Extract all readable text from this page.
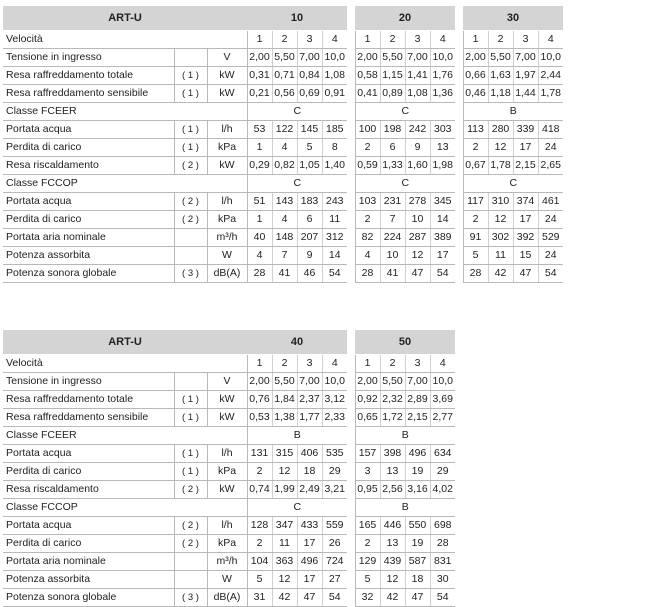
ART-U			10					20					30			
Velocità			1	2	3	4		1	2	3	4		1	2	3	4
Tensione in ingresso		V	2,00	5,50	7,00	10,0		2,00	5,50	7,00	10,0		2,00	5,50	7,00	10,0
Resa raffreddamento totale	( 1 )	kW	0,31	0,71	0,84	1,08		0,58	1,15	1,41	1,76		0,66	1,63	1,97	2,44
Resa raffreddamento sensibile	( 1 )	kW	0,21	0,56	0,69	0,91		0,41	0,89	1,08	1,36		0,46	1,18	1,44	1,78
Classe FCEER			C					C					B			
Portata acqua	( 1 )	l/h	53	122	145	185		100	198	242	303		113	280	339	418
Perdita di carico	( 1 )	kPa	1	4	5	8		2	6	9	13		2	12	17	24
Resa riscaldamento	( 2 )	kW	0,29	0,82	1,05	1,40		0,59	1,33	1,60	1,98		0,67	1,78	2,15	2,65
Classe FCCOP			C					C					C			
Portata acqua	( 2 )	l/h	51	143	183	243		103	231	278	345		117	310	374	461
Perdita di carico	( 2 )	kPa	1	4	6	11		2	7	10	14		2	12	17	24
Portata aria nominale		m³/h	40	148	207	312		82	224	287	389		91	302	392	529
Potenza assorbita		W	4	7	9	14		4	10	12	17		5	11	15	24
Potenza sonora globale	( 3 )	dB(A)	28	41	46	54		28	41	47	54		28	42	47	54
ART-U			40					50			
Velocità			1	2	3	4		1	2	3	4
Tensione in ingresso		V	2,00	5,50	7,00	10,0		2,00	5,50	7,00	10,0
Resa raffreddamento totale	( 1 )	kW	0,76	1,84	2,37	3,12		0,92	2,32	2,89	3,69
Resa raffreddamento sensibile	( 1 )	kW	0,53	1,38	1,77	2,33		0,65	1,72	2,15	2,77
Classe FCEER			B					B			
Portata acqua	( 1 )	l/h	131	315	406	535		157	398	496	634
Perdita di carico	( 1 )	kPa	2	12	18	29		3	13	19	29
Resa riscaldamento	( 2 )	kW	0,74	1,99	2,49	3,21		0,95	2,56	3,16	4,02
Classe FCCOP			C					B			
Portata acqua	( 2 )	l/h	128	347	433	559		165	446	550	698
Perdita di carico	( 2 )	kPa	2	11	17	26		2	13	19	28
Portata aria nominale		m³/h	104	363	496	724		129	439	587	831
Potenza assorbita		W	5	12	17	27		5	12	18	30
Potenza sonora globale	( 3 )	dB(A)	31	42	47	54		32	42	47	54
